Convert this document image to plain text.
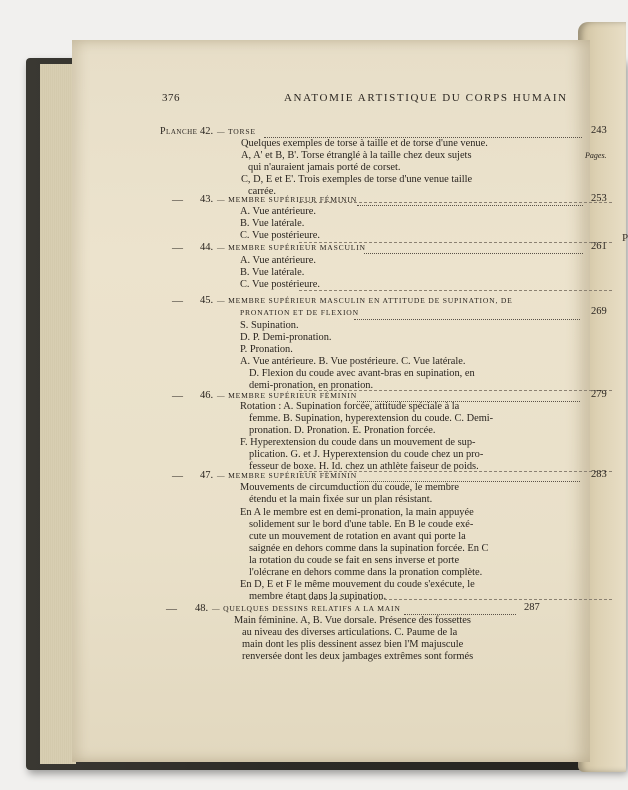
P
376	ANATOMIE ARTISTIQUE DU CORPS HUMAIN
Pages.
Planche 42. — TORSE	243
Quelques exemples de torse à taille et de torse d'une venue.
A, A' et B, B'. Torse étranglé à la taille chez deux sujets
qui n'auraient jamais porté de corset.
C, D, E et E'. Trois exemples de torse d'une venue taille
carrée.
— 43. — MEMBRE SUPÉRIEUR FÉMININ	253
A. Vue antérieure.
B. Vue latérale.
C. Vue postérieure.
— 44. — MEMBRE SUPÉRIEUR MASCULIN	261
A. Vue antérieure.
B. Vue latérale.
C. Vue postérieure.
— 45. — MEMBRE SUPÉRIEUR MASCULIN EN ATTITUDE DE SUPINATION, DE
PRONATION ET DE FLEXION	269
S. Supination.
D. P. Demi-pronation.
P. Pronation.
A. Vue antérieure. B. Vue postérieure. C. Vue latérale.
D. Flexion du coude avec avant-bras en supination, en
demi-pronation, en pronation.
— 46. — MEMBRE SUPÉRIEUR FÉMININ	279
Rotation : A. Supination forcée, attitude spéciale à la
femme. B. Supination, hyperextension du coude. C. Demi-
pronation. D. Pronation. E. Pronation forcée.
F. Hyperextension du coude dans un mouvement de sup-
plication. G. et J. Hyperextension du coude chez un pro-
fesseur de boxe. H. Id. chez un athlète faiseur de poids.
— 47. — MEMBRE SUPÉRIEUR FÉMININ	283
Mouvements de circumduction du coude, le membre
étendu et la main fixée sur un plan résistant.
En A le membre est en demi-pronation, la main appuyée
solidement sur le bord d'une table. En B le coude exé-
cute un mouvement de rotation en avant qui porte la
saignée en dehors comme dans la supination forcée. En C
la rotation du coude se fait en sens inverse et porte
l'olécrane en dehors comme dans la pronation complète.
En D, E et F le même mouvement du coude s'exécute, le
membre étant dans la supination.
— 48. — QUELQUES DESSINS RELATIFS A LA MAIN	287
Main féminine. A, B. Vue dorsale. Présence des fossettes
au niveau des diverses articulations. C. Paume de la
main dont les plis dessinent assez bien l'M majuscule
renversée dont les deux jambages extrêmes sont formés
